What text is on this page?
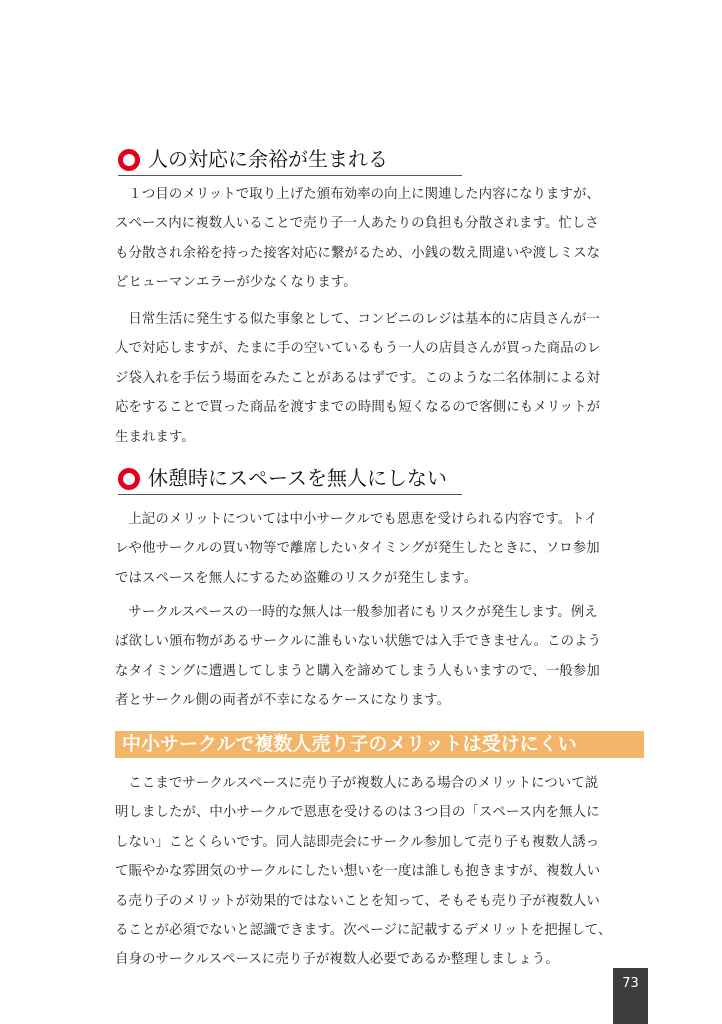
人の対応に余裕が生まれる

１つ目のメリットで取り上げた頒布効率の向上に関連した内容になりますが、
スペース内に複数人いることで売り子一人あたりの負担も分散されます。忙しさ
も分散され余裕を持った接客対応に繋がるため、小銭の数え間違いや渡しミスな
どヒューマンエラーが少なくなります。

日常生活に発生する似た事象として、コンビニのレジは基本的に店員さんが一
人で対応しますが、たまに手の空いているもう一人の店員さんが買った商品のレ
ジ袋入れを手伝う場面をみたことがあるはずです。このような二名体制による対
応をすることで買った商品を渡すまでの時間も短くなるので客側にもメリットが
生まれます。

休憩時にスペースを無人にしない

上記のメリットについては中小サークルでも恩恵を受けられる内容です。トイ
レや他サークルの買い物等で離席したいタイミングが発生したときに、ソロ参加
ではスペースを無人にするため盗難のリスクが発生します。

サークルスペースの一時的な無人は一般参加者にもリスクが発生します。例え
ば欲しい頒布物があるサークルに誰もいない状態では入手できません。このよう
なタイミングに遭遇してしまうと購入を諦めてしまう人もいますので、一般参加
者とサークル側の両者が不幸になるケースになります。

中小サークルで複数人売り子のメリットは受けにくい

ここまでサークルスペースに売り子が複数人にある場合のメリットについて説
明しましたが、中小サークルで恩恵を受けるのは３つ目の「スペース内を無人に
しない」ことくらいです。同人誌即売会にサークル参加して売り子も複数人誘っ
て賑やかな雰囲気のサークルにしたい想いを一度は誰しも抱きますが、複数人い
る売り子のメリットが効果的ではないことを知って、そもそも売り子が複数人い
ることが必須でないと認識できます。次ページに記載するデメリットを把握して、
自身のサークルスペースに売り子が複数人必要であるか整理しましょう。

73
